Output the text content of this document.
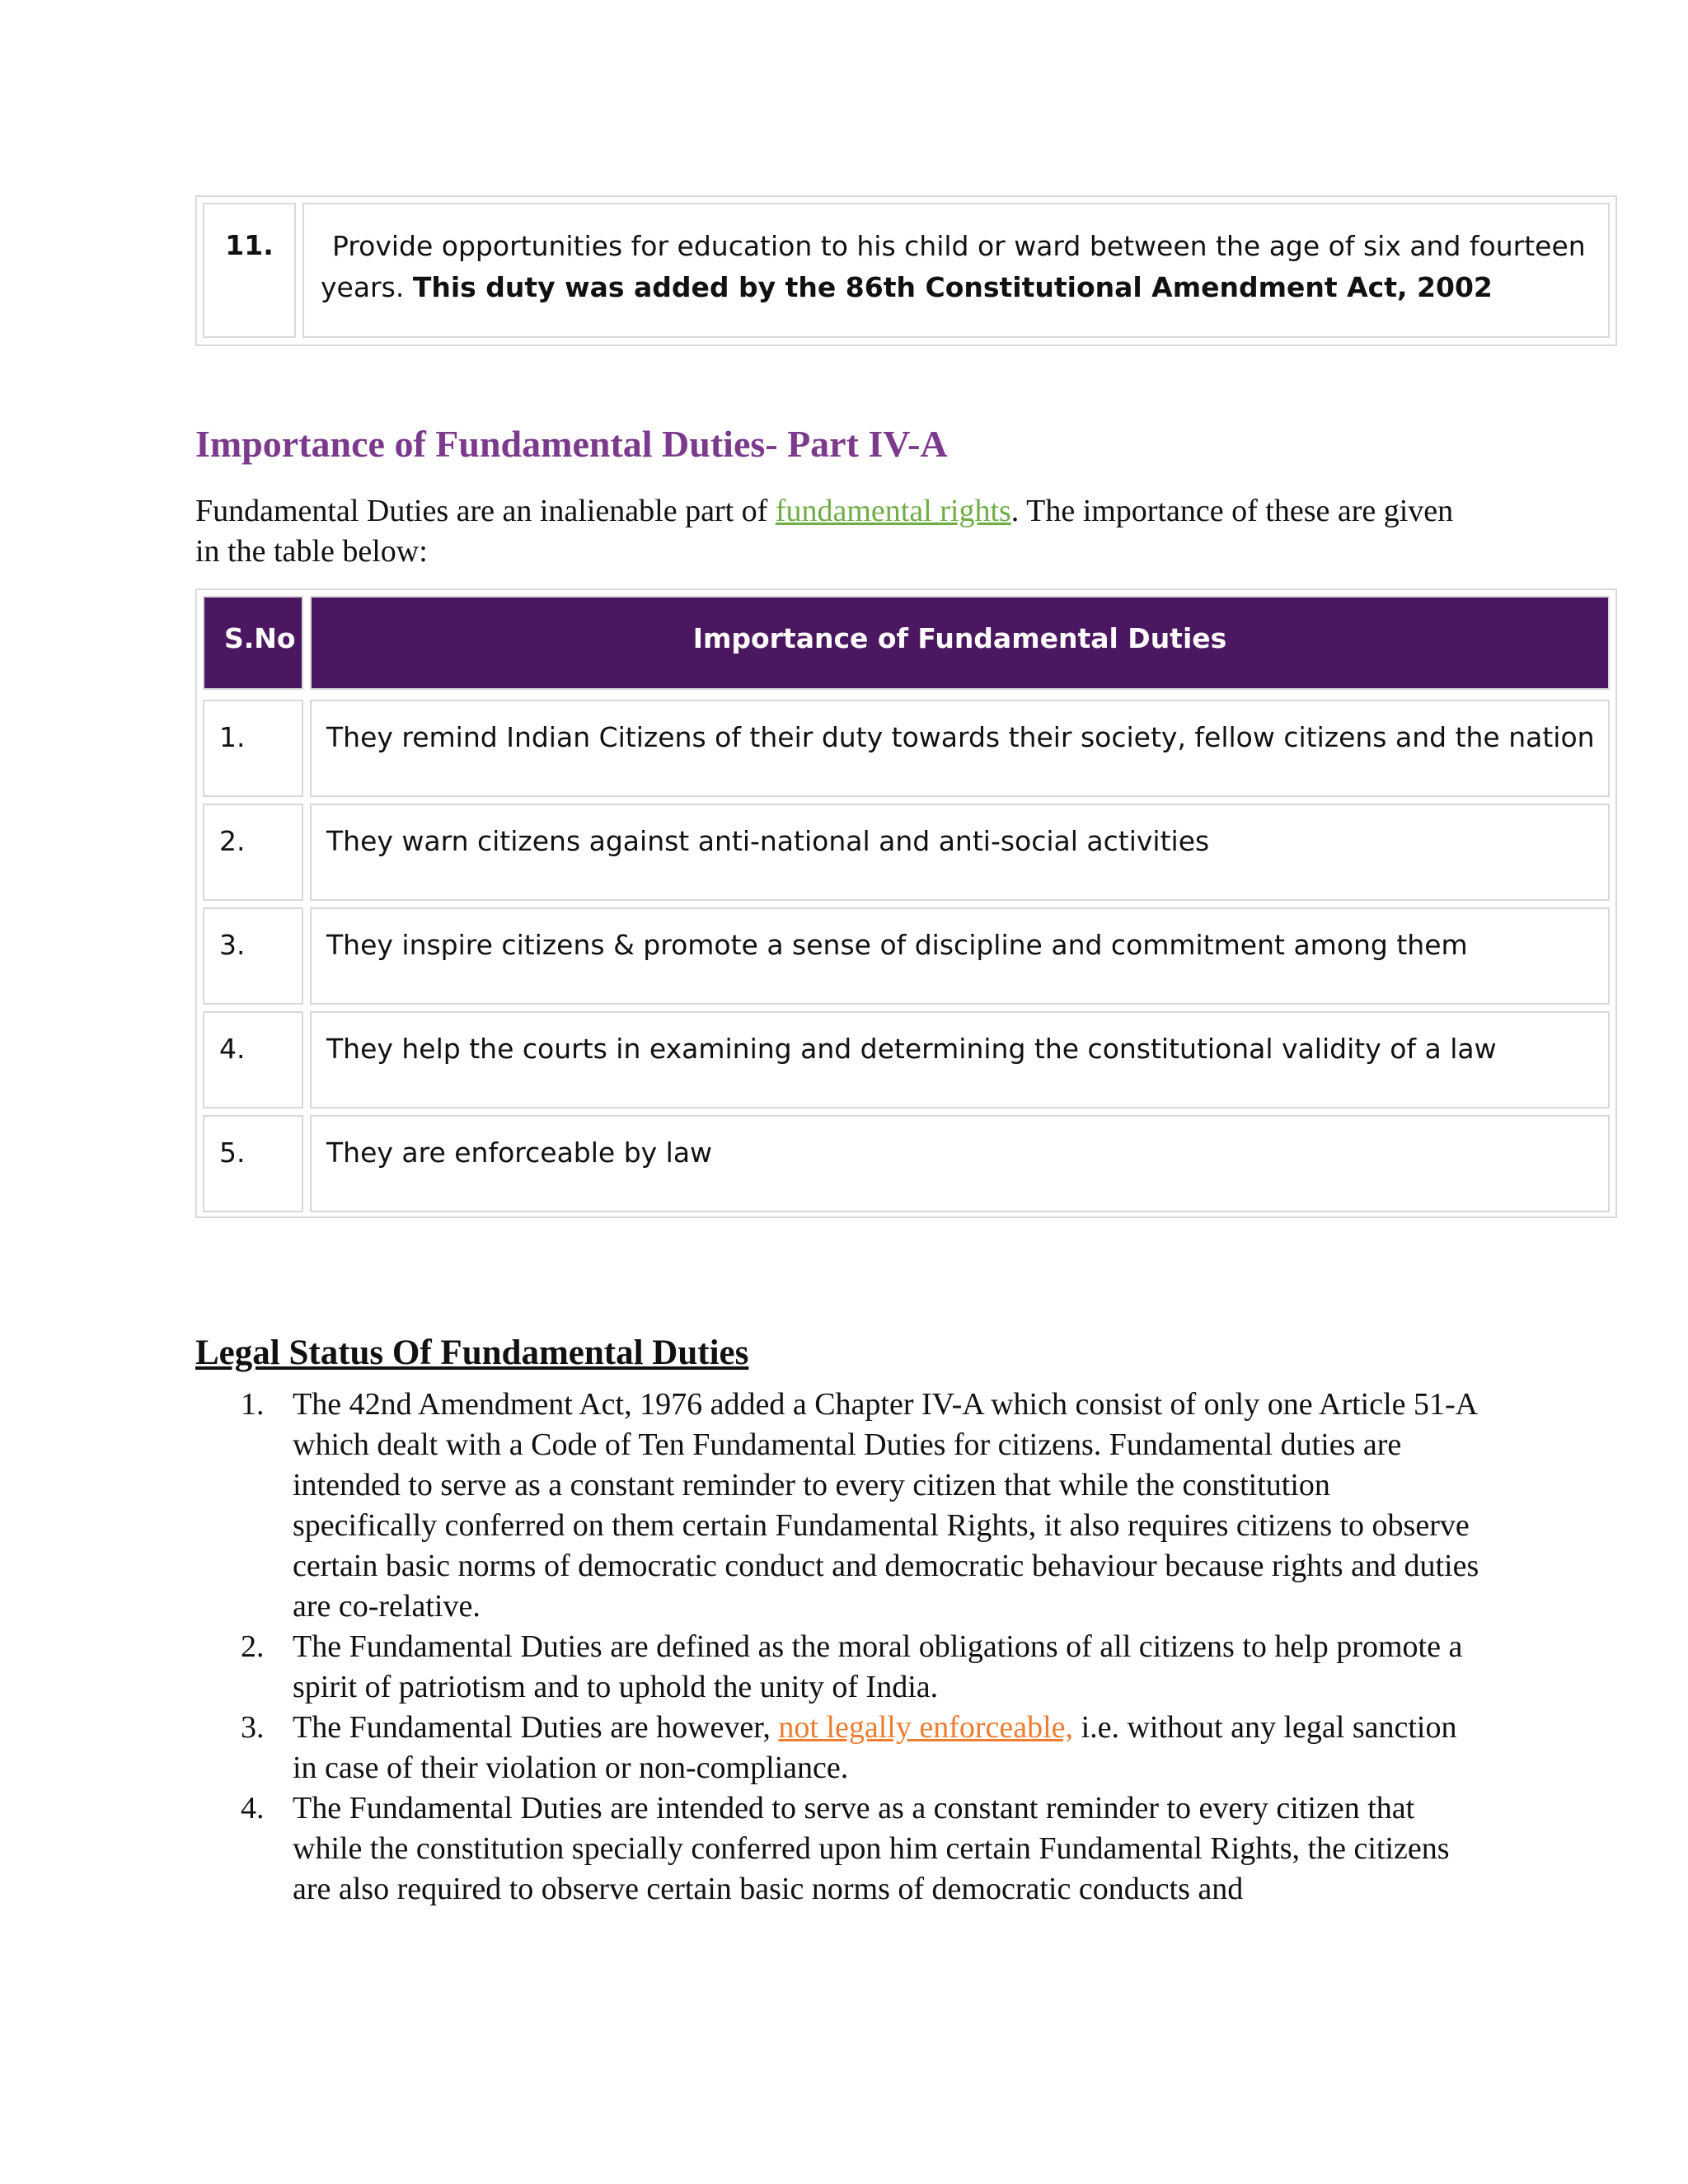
11.	Provide opportunities for education to his child or ward between the age of six and fourteen
years. This duty was added by the 86th Constitutional Amendment Act, 2002
Importance of Fundamental Duties- Part IV-A
Fundamental Duties are an inalienable part of fundamental rights. The importance of these are given in the table below:
S.No	Importance of Fundamental Duties
1.	They remind Indian Citizens of their duty towards their society, fellow citizens and the nation
2.	They warn citizens against anti-national and anti-social activities
3.	They inspire citizens & promote a sense of discipline and commitment among them
4.	They help the courts in examining and determining the constitutional validity of a law
5.	They are enforceable by law
Legal Status Of Fundamental Duties
1. The 42nd Amendment Act, 1976 added a Chapter IV-A which consist of only one Article 51-A which dealt with a Code of Ten Fundamental Duties for citizens. Fundamental duties are intended to serve as a constant reminder to every citizen that while the constitution specifically conferred on them certain Fundamental Rights, it also requires citizens to observe certain basic norms of democratic conduct and democratic behaviour because rights and duties are co-relative.
2. The Fundamental Duties are defined as the moral obligations of all citizens to help promote a spirit of patriotism and to uphold the unity of India.
3. The Fundamental Duties are however, not legally enforceable, i.e. without any legal sanction in case of their violation or non-compliance.
4. The Fundamental Duties are intended to serve as a constant reminder to every citizen that while the constitution specially conferred upon him certain Fundamental Rights, the citizens are also required to observe certain basic norms of democratic conducts and
